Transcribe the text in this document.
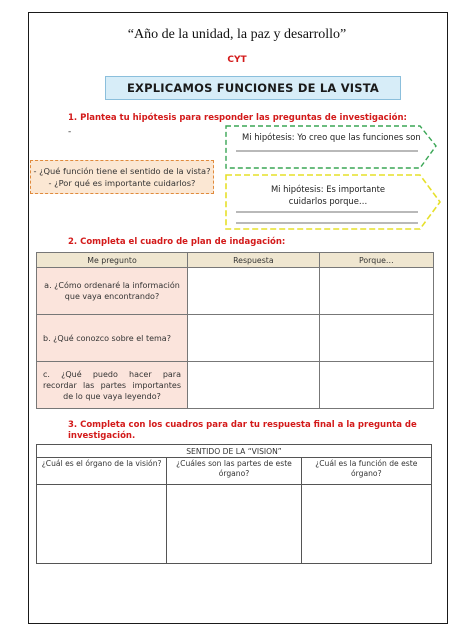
“Año de la unidad, la paz y desarrollo”
CYT
EXPLICAMOS FUNCIONES DE LA VISTA
1. Plantea tu hipótesis para responder las preguntas de investigación:
-	Mi hipótesis: Yo creo que las funciones son
Mi hipótesis: Es importante cuidarlos porque…
- ¿Qué función tiene el sentido de la vista?
- ¿Por qué es importante cuidarlos?
2. Completa el cuadro de plan de indagación:
Me pregunto	Respuesta	Porque…
a. ¿Cómo ordenaré la información que vaya encontrando?		
b. ¿Qué conozco sobre el tema?		
c. ¿Qué puedo hacer para recordar las partes importantes de lo que vaya leyendo?		
3. Completa con los cuadros para dar tu respuesta final a la pregunta de investigación.
SENTIDO DE LA “VISION”		
¿Cuál es el órgano de la visión?	¿Cuáles son las partes de este órgano?	¿Cuál es la función de este órgano?
